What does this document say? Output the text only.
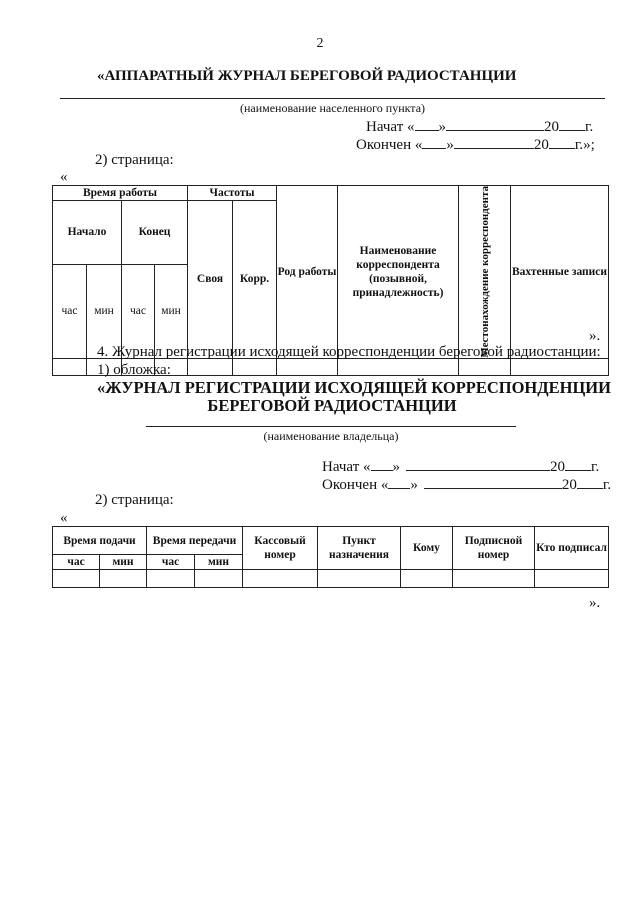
2
«АППАРАТНЫЙ ЖУРНАЛ БЕРЕГОВОЙ РАДИОСТАНЦИИ
(наименование населенного пункта)
Начат « »	20 г.
Окончен « »	20 г.»;
2) страница:
«
Время работы				Частоты		Род работы	Наименование корреспондента (позывной, принадлежность)	Местонахождение корреспондента	Вахтенные записи
Начало		Конец		Своя	Корр.				
час	мин	час	мин						

».
4. Журнал регистрации исходящей корреспонденции береговой радиостанции:
1) обложка:
«ЖУРНАЛ РЕГИСТРАЦИИ ИСХОДЯЩЕЙ КОРРЕСПОНДЕНЦИИ
БЕРЕГОВОЙ РАДИОСТАНЦИИ
(наименование владельца)
Начат « »	20 г.
Окончен « »	20 г.
2) страница:
«
Время подачи		Время передачи		Кассовый номер	Пункт назначения	Кому	Подписной номер	Кто подписал
час	мин	час	мин					

».
